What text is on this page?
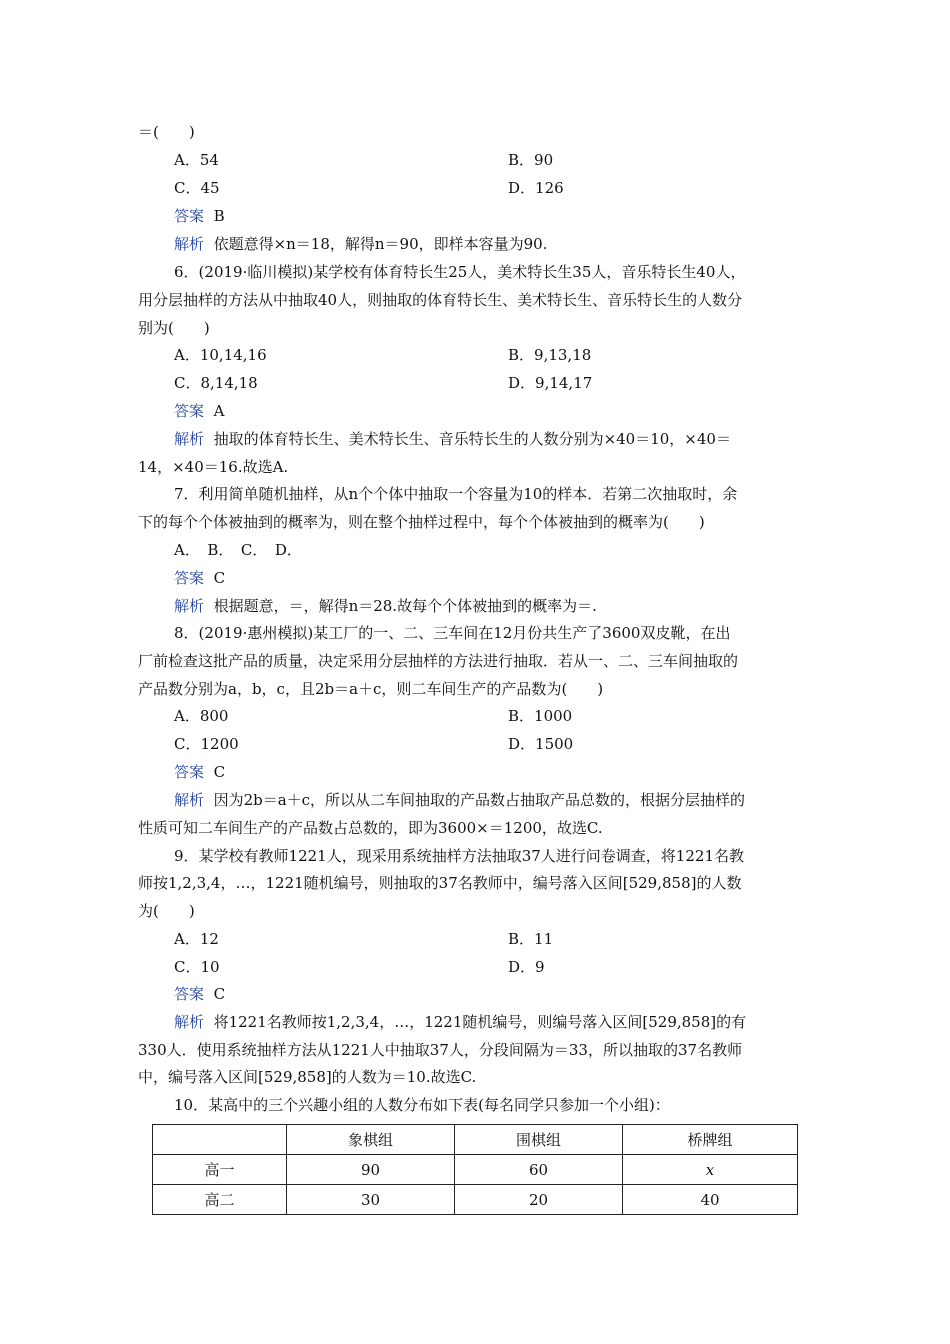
＝(　　)
A．54	B．90
C．45	D．126
答案 B
解析 依题意得×n＝18，解得n＝90，即样本容量为90.
6．(2019·临川模拟)某学校有体育特长生25人，美术特长生35人，音乐特长生40人，
用分层抽样的方法从中抽取40人，则抽取的体育特长生、美术特长生、音乐特长生的人数分
别为(　　)
A．10,14,16	B．9,13,18
C．8,14,18	D．9,14,17
答案 A
解析 抽取的体育特长生、美术特长生、音乐特长生的人数分别为×40＝10，×40＝
14，×40＝16.故选A.
7．利用简单随机抽样，从n个个体中抽取一个容量为10的样本．若第二次抽取时，余
下的每个个体被抽到的概率为，则在整个抽样过程中，每个个体被抽到的概率为(　　)
A．　B．　C．　D．
答案 C
解析 根据题意，＝，解得n＝28.故每个个体被抽到的概率为＝.
8．(2019·惠州模拟)某工厂的一、二、三车间在12月份共生产了3600双皮靴，在出
厂前检查这批产品的质量，决定采用分层抽样的方法进行抽取．若从一、二、三车间抽取的
产品数分别为a，b，c，且2b＝a＋c，则二车间生产的产品数为(　　)
A．800	B．1000
C．1200	D．1500
答案 C
解析 因为2b＝a＋c，所以从二车间抽取的产品数占抽取产品总数的，根据分层抽样的
性质可知二车间生产的产品数占总数的，即为3600×＝1200，故选C.
9．某学校有教师1221人，现采用系统抽样方法抽取37人进行问卷调查，将1221名教
师按1,2,3,4，…，1221随机编号，则抽取的37名教师中，编号落入区间[529,858]的人数
为(　　)
A．12	B．11
C．10	D．9
答案 C
解析 将1221名教师按1,2,3,4，…，1221随机编号，则编号落入区间[529,858]的有
330人．使用系统抽样方法从1221人中抽取37人，分段间隔为＝33，所以抽取的37名教师
中，编号落入区间[529,858]的人数为＝10.故选C.
10．某高中的三个兴趣小组的人数分布如下表(每名同学只参加一个小组)：
	象棋组	围棋组	桥牌组
高一	90	60	x
高二	30	20	40
